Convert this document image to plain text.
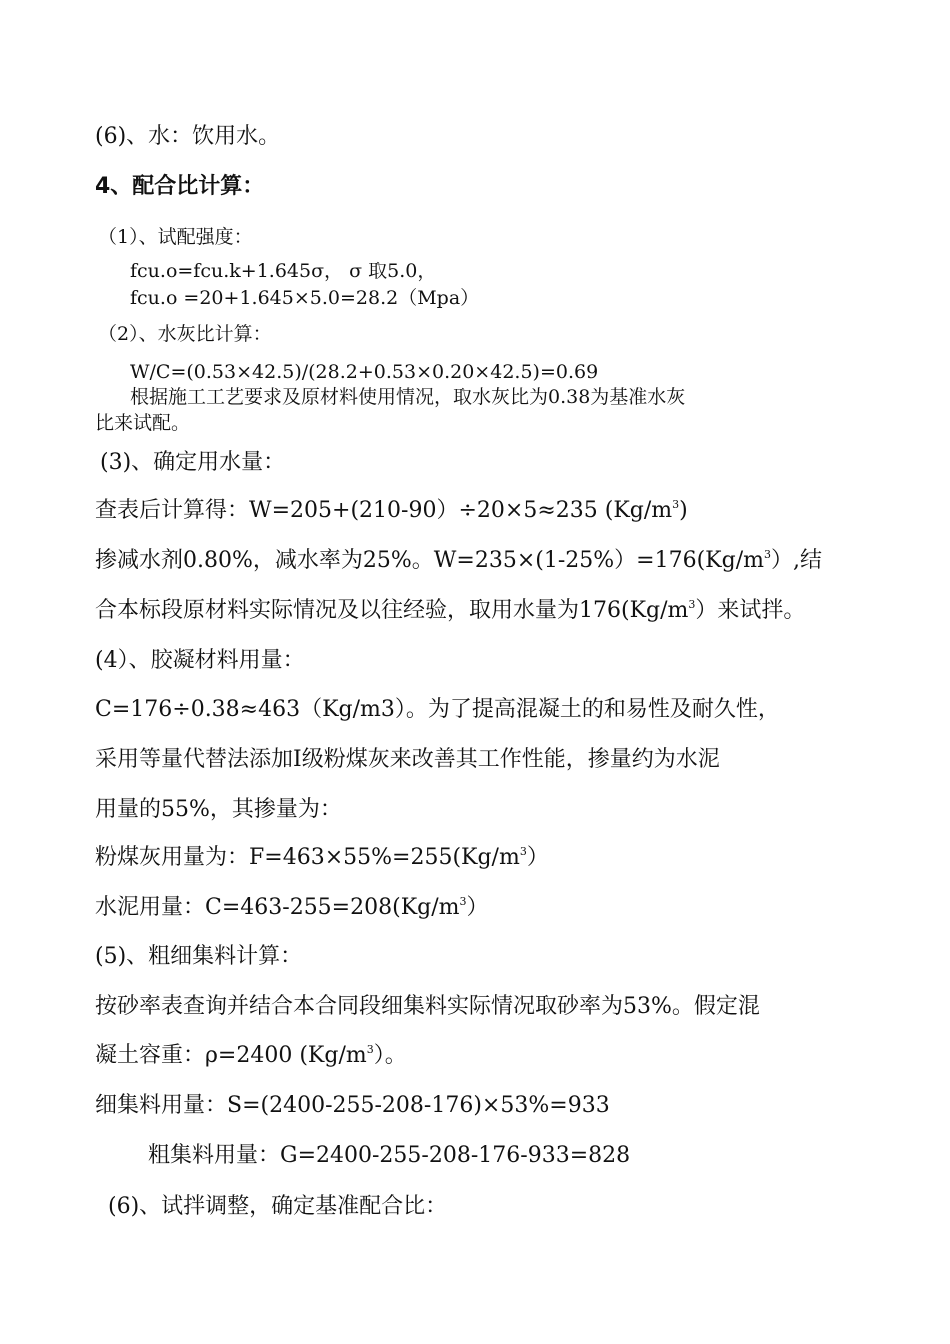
(6)、水：饮用水。
4、配合比计算：
（1）、试配强度：
fcu.o=fcu.k+1.645σ， σ 取5.0，
fcu.o =20+1.645×5.0=28.2（Mpa）
（2）、水灰比计算：
W/C=(0.53×42.5)/(28.2+0.53×0.20×42.5)=0.69
根据施工工艺要求及原材料使用情况，取水灰比为0.38为基准水灰
比来试配。
(3)、确定用水量：
查表后计算得：W=205+(210-90）÷20×5≈235 $(Kg/m^3)$
掺减水剂0.80%，减水率为25%。$W=235\times(1-25\%)=176(Kg/m^3)$,结
合本标段原材料实际情况及以往经验，取用水量为$176(Kg/m^3)$来试拌。
(4）、胶凝材料用量：
C=176÷0.38≈463（Kg/m3）。为了提高混凝土的和易性及耐久性，
采用等量代替法添加Ⅰ级粉煤灰来改善其工作性能，掺量约为水泥
用量的55%，其掺量为：
粉煤灰用量为：$F=463\times 55\%=255(Kg/m^3)$
水泥用量：$C=463-255=208(Kg/m^3)$
(5)、粗细集料计算：
按砂率表查询并结合本合同段细集料实际情况取砂率为53%。假定混
凝土容重：ρ=2400 $(Kg/m^3)$。
细集料用量：S=(2400-255-208-176)×53%=933
粗集料用量：G=2400-255-208-176-933=828
(6)、试拌调整，确定基准配合比：
